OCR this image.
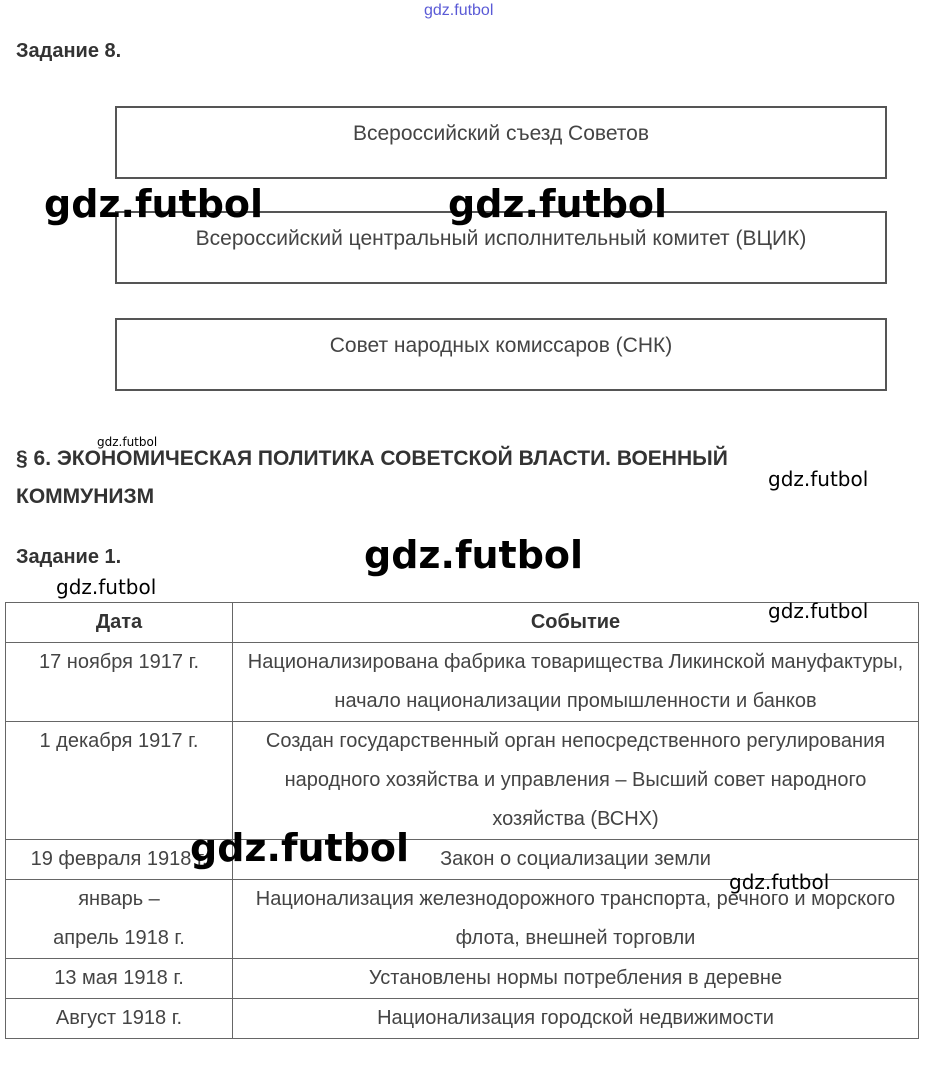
gdz.futbol
Задание 8.
Всероссийский съезд Советов
Всероссийский центральный исполнительный комитет (ВЦИК)
Совет народных комиссаров (СНК)
§ 6. ЭКОНОМИЧЕСКАЯ ПОЛИТИКА СОВЕТСКОЙ ВЛАСТИ. ВОЕННЫЙ
КОММУНИЗМ
Задание 1.
Дата	Событие
17 ноября 1917 г.	Национализирована фабрика товарищества Ликинской мануфактуры, начало национализации промышленности и банков
1 декабря 1917 г.	Создан государственный орган непосредственного регулирования народного хозяйства и управления – Высший совет народного хозяйства (ВСНХ)
19 февраля 1918 г.	Закон о социализации земли
январь – апрель 1918 г.	Национализация железнодорожного транспорта, речного и морского флота, внешней торговли
13 мая 1918 г.	Установлены нормы потребления в деревне
Август 1918 г.	Национализация городской недвижимости
gdz.futbol	gdz.futbol
gdz.futbol
gdz.futbol
gdz.futbol
gdz.futbol
gdz.futbol
gdz.futbol
gdz.futbol
